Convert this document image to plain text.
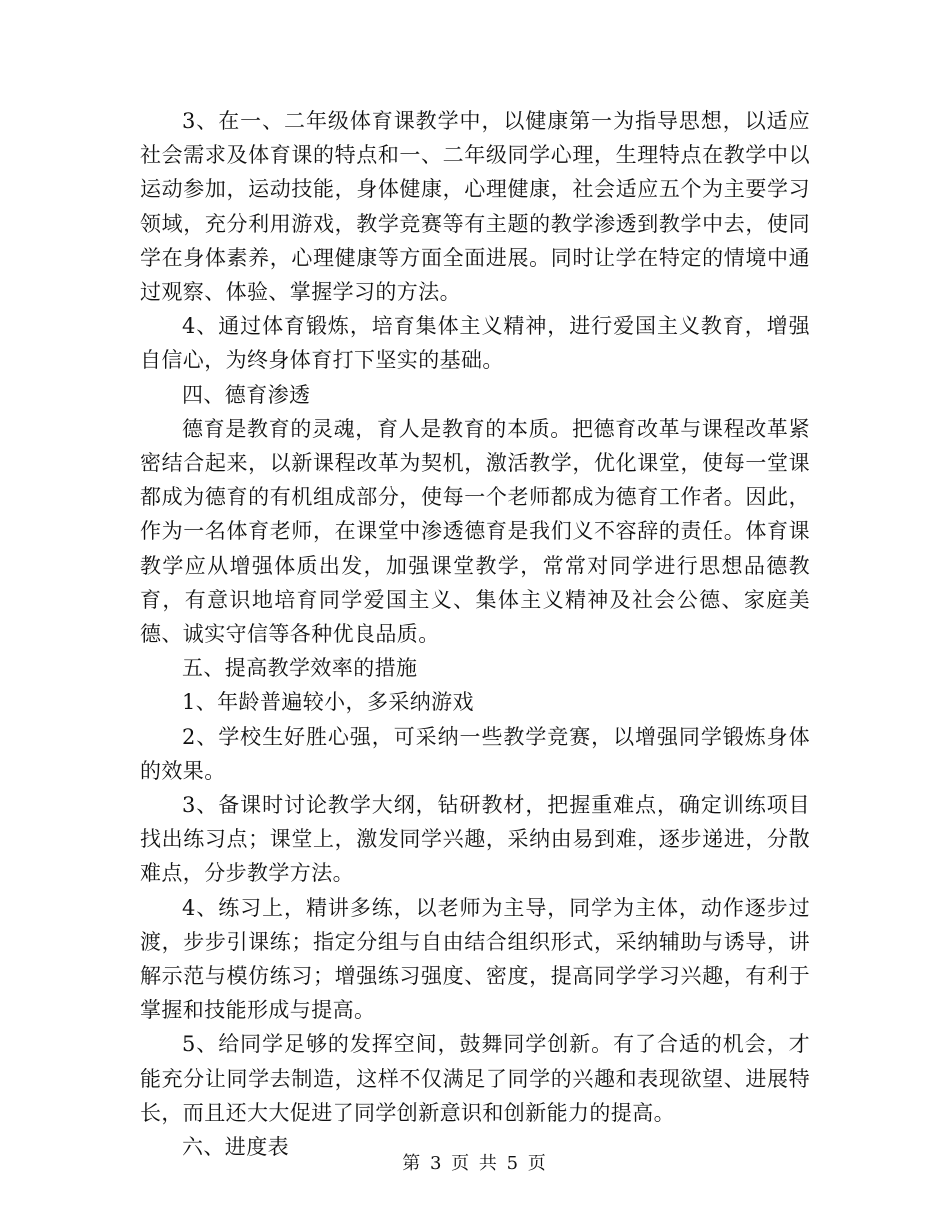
3、在一、二年级体育课教学中，以健康第一为指导思想，以适应社会需求及体育课的特点和一、二年级同学心理，生理特点在教学中以运动参加，运动技能，身体健康，心理健康，社会适应五个为主要学习领域，充分利用游戏，教学竞赛等有主题的教学渗透到教学中去，使同学在身体素养，心理健康等方面全面进展。同时让学在特定的情境中通过观察、体验、掌握学习的方法。

4、通过体育锻炼，培育集体主义精神，进行爱国主义教育，增强自信心，为终身体育打下坚实的基础。

四、德育渗透

德育是教育的灵魂，育人是教育的本质。把德育改革与课程改革紧密结合起来，以新课程改革为契机，激活教学，优化课堂，使每一堂课都成为德育的有机组成部分，使每一个老师都成为德育工作者。因此，作为一名体育老师，在课堂中渗透德育是我们义不容辞的责任。体育课教学应从增强体质出发，加强课堂教学，常常对同学进行思想品德教育，有意识地培育同学爱国主义、集体主义精神及社会公德、家庭美德、诚实守信等各种优良品质。

五、提高教学效率的措施

1、年龄普遍较小，多采纳游戏

2、学校生好胜心强，可采纳一些教学竞赛，以增强同学锻炼身体的效果。

3、备课时讨论教学大纲，钻研教材，把握重难点，确定训练项目找出练习点；课堂上，激发同学兴趣，采纳由易到难，逐步递进，分散难点，分步教学方法。

4、练习上，精讲多练，以老师为主导，同学为主体，动作逐步过渡，步步引课练；指定分组与自由结合组织形式，采纳辅助与诱导，讲解示范与模仿练习；增强练习强度、密度，提高同学学习兴趣，有利于掌握和技能形成与提高。

5、给同学足够的发挥空间，鼓舞同学创新。有了合适的机会，才能充分让同学去制造，这样不仅满足了同学的兴趣和表现欲望、进展特长，而且还大大促进了同学创新意识和创新能力的提高。

六、进度表

第 3 页 共 5 页
